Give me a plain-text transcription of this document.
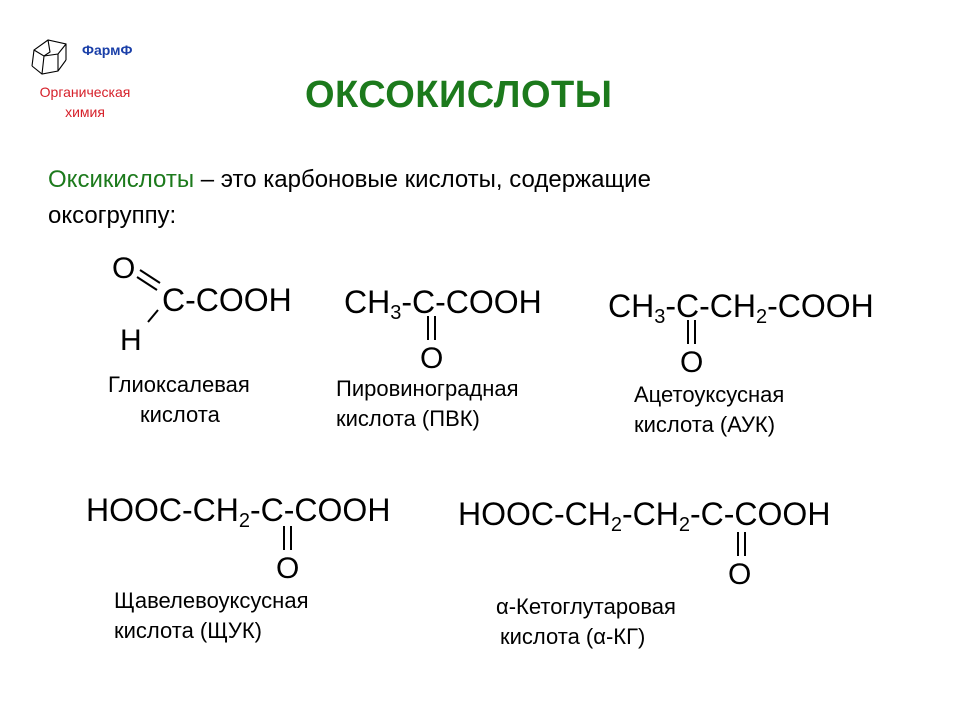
ФармФ
Органическая
химия	ОКСОКИСЛОТЫ
Оксикислоты – это карбоновые кислоты, содержащие
оксогруппу:
O
C-COOH
H
Глиоксалевая
кислота
$CH_3-C$-COOH
O
Пировиноградная
кислота (ПВК)
$CH_3-C-CH_2$-COOH
O
Ацетоуксусная
кислота (АУК)
HOOC-$CH_2-C$-COOH
O
Щавелевоуксусная
кислота (ЩУК)
HOOC-$CH_2-CH_2-C$-COOH
O
α-Кетоглутаровая
кислота (α-КГ)
